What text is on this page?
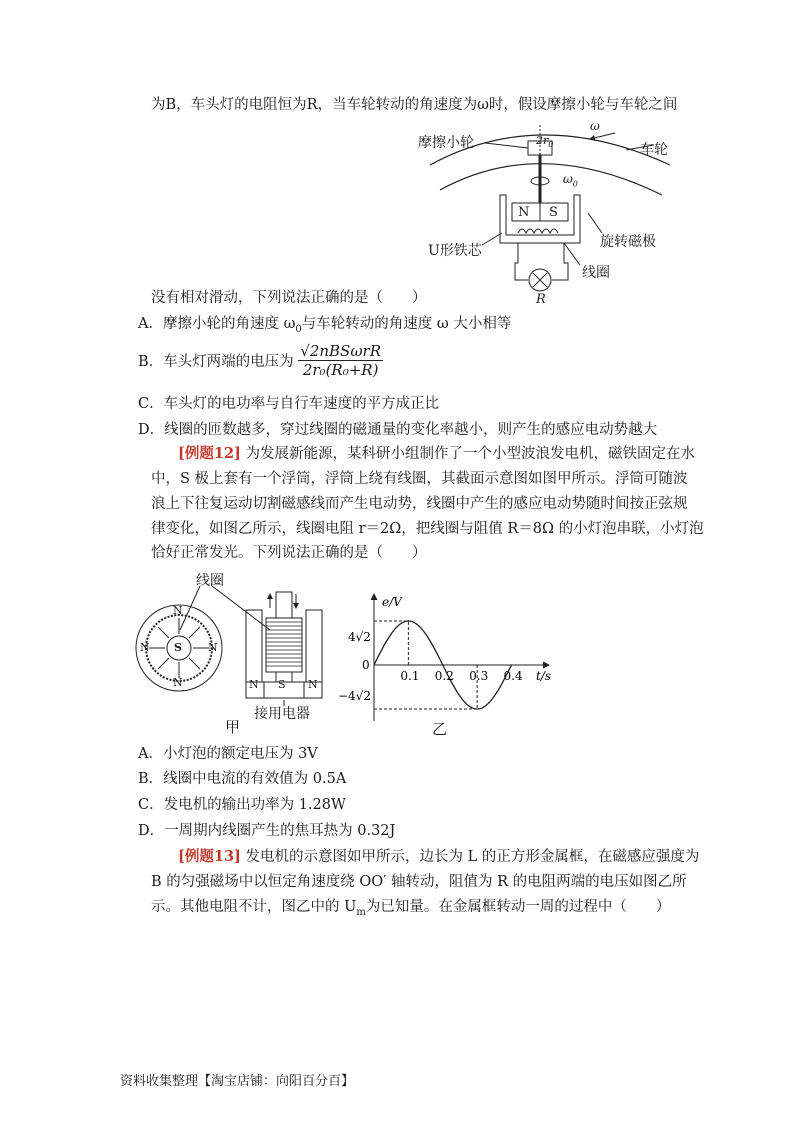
为B，车头灯的电阻恒为R，当车轮转动的角速度为ω时，假设摩擦小轮与车轮之间
摩擦小轮	车轮
$2r_0$
ω
$\omega_0$
N S
旋转磁极
U形铁芯
线圈
R
没有相对滑动，下列说法正确的是（　　）
A．摩擦小轮的角速度 $\omega_0$与车轮转动的角速度 ω 大小相等
B．车头灯两端的电压为 $\frac{\text{√2nBSωrR}}{\text{2r₀(R₀+R)}}$
C．车头灯的电功率与自行车速度的平方成正比
D．线圈的匝数越多，穿过线圈的磁通量的变化率越小，则产生的感应电动势越大
[例题12] 为发展新能源，某科研小组制作了一个小型波浪发电机，磁铁固定在水
中，S 极上套有一个浮筒，浮筒上绕有线圈，其截面示意图如图甲所示。浮筒可随波
浪上下往复运动切割磁感线而产生电动势，线圈中产生的感应电动势随时间按正弦规
律变化，如图乙所示，线圈电阻 r＝2Ω，把线圈与阻值 R＝8Ω 的小灯泡串联，小灯泡
恰好正常发光。下列说法正确的是（　　）
线圈
N
N	N
N
S
N S N
接用电器
甲
0.1 0.2 0.3 0.4
e/V
t/s
0
4√2
−4√2
乙
A．小灯泡的额定电压为 3V
B．线圈中电流的有效值为 0.5A
C．发电机的输出功率为 1.28W
D．一周期内线圈产生的焦耳热为 0.32J
[例题13] 发电机的示意图如甲所示，边长为 L 的正方形金属框，在磁感应强度为
B 的匀强磁场中以恒定角速度绕 OO′ 轴转动，阻值为 R 的电阻两端的电压如图乙所
示。其他电阻不计，图乙中的 $U_m$为已知量。在金属框转动一周的过程中（　　）
资料收集整理【淘宝店铺：向阳百分百】
